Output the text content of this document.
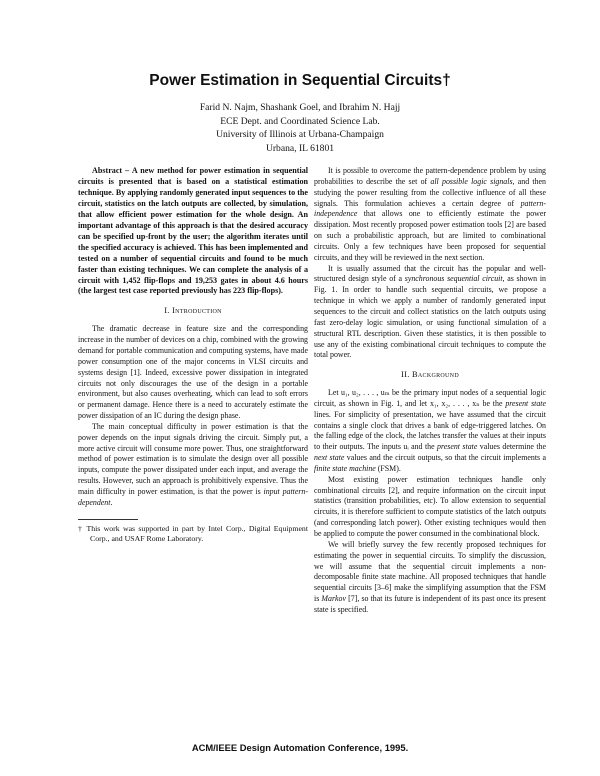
Power Estimation in Sequential Circuits†
Farid N. Najm, Shashank Goel, and Ibrahim N. Hajj
ECE Dept. and Coordinated Science Lab.
University of Illinois at Urbana-Champaign
Urbana, IL 61801

Abstract – A new method for power estimation in sequential circuits is presented that is based on a statistical estimation technique. By applying randomly generated input sequences to the circuit, statistics on the latch outputs are collected, by simulation, that allow efficient power estimation for the whole design. An important advantage of this approach is that the desired accuracy can be specified up-front by the user; the algorithm iterates until the specified accuracy is achieved. This has been implemented and tested on a number of sequential circuits and found to be much faster than existing techniques. We can complete the analysis of a circuit with 1,452 flip-flops and 19,253 gates in about 4.6 hours (the largest test case reported previously has 223 flip-flops).

I. Introduction

The dramatic decrease in feature size and the corresponding increase in the number of devices on a chip, combined with the growing demand for portable communication and computing systems, have made power consumption one of the major concerns in VLSI circuits and systems design [1]. Indeed, excessive power dissipation in integrated circuits not only discourages the use of the design in a portable environment, but also causes overheating, which can lead to soft errors or permanent damage. Hence there is a need to accurately estimate the power dissipation of an IC during the design phase.

The main conceptual difficulty in power estimation is that the power depends on the input signals driving the circuit. Simply put, a more active circuit will consume more power. Thus, one straightforward method of power estimation is to simulate the design over all possible inputs, compute the power dissipated under each input, and average the results. However, such an approach is prohibitively expensive. Thus the main difficulty in power estimation, is that the power is input pattern-dependent.

† This work was supported in part by Intel Corp., Digital Equipment Corp., and USAF Rome Laboratory.

It is possible to overcome the pattern-dependence problem by using probabilities to describe the set of all possible logic signals, and then studying the power resulting from the collective influence of all these signals. This formulation achieves a certain degree of pattern-independence that allows one to efficiently estimate the power dissipation. Most recently proposed power estimation tools [2] are based on such a probabilistic approach, but are limited to combinational circuits. Only a few techniques have been proposed for sequential circuits, and they will be reviewed in the next section.

It is usually assumed that the circuit has the popular and well-structured design style of a synchronous sequential circuit, as shown in Fig. 1. In order to handle such sequential circuits, we propose a technique in which we apply a number of randomly generated input sequences to the circuit and collect statistics on the latch outputs using fast zero-delay logic simulation, or using functional simulation of a structural RTL description. Given these statistics, it is then possible to use any of the existing combinational circuit techniques to compute the total power.

II. Background

Let u₁, u₂, . . . , uₘ be the primary input nodes of a sequential logic circuit, as shown in Fig. 1, and let x₁, x₂, . . . , xₙ be the present state lines. For simplicity of presentation, we have assumed that the circuit contains a single clock that drives a bank of edge-triggered latches. On the falling edge of the clock, the latches transfer the values at their inputs to their outputs. The inputs uᵢ and the present state values determine the next state values and the circuit outputs, so that the circuit implements a finite state machine (FSM).

Most existing power estimation techniques handle only combinational circuits [2], and require information on the circuit input statistics (transition probabilities, etc). To allow extension to sequential circuits, it is therefore sufficient to compute statistics of the latch outputs (and corresponding latch power). Other existing techniques would then be applied to compute the power consumed in the combinational block.

We will briefly survey the few recently proposed techniques for estimating the power in sequential circuits. To simplify the discussion, we will assume that the sequential circuit implements a non-decomposable finite state machine. All proposed techniques that handle sequential circuits [3–6] make the simplifying assumption that the FSM is Markov [7], so that its future is independent of its past once its present state is specified.

ACM/IEEE Design Automation Conference, 1995.
